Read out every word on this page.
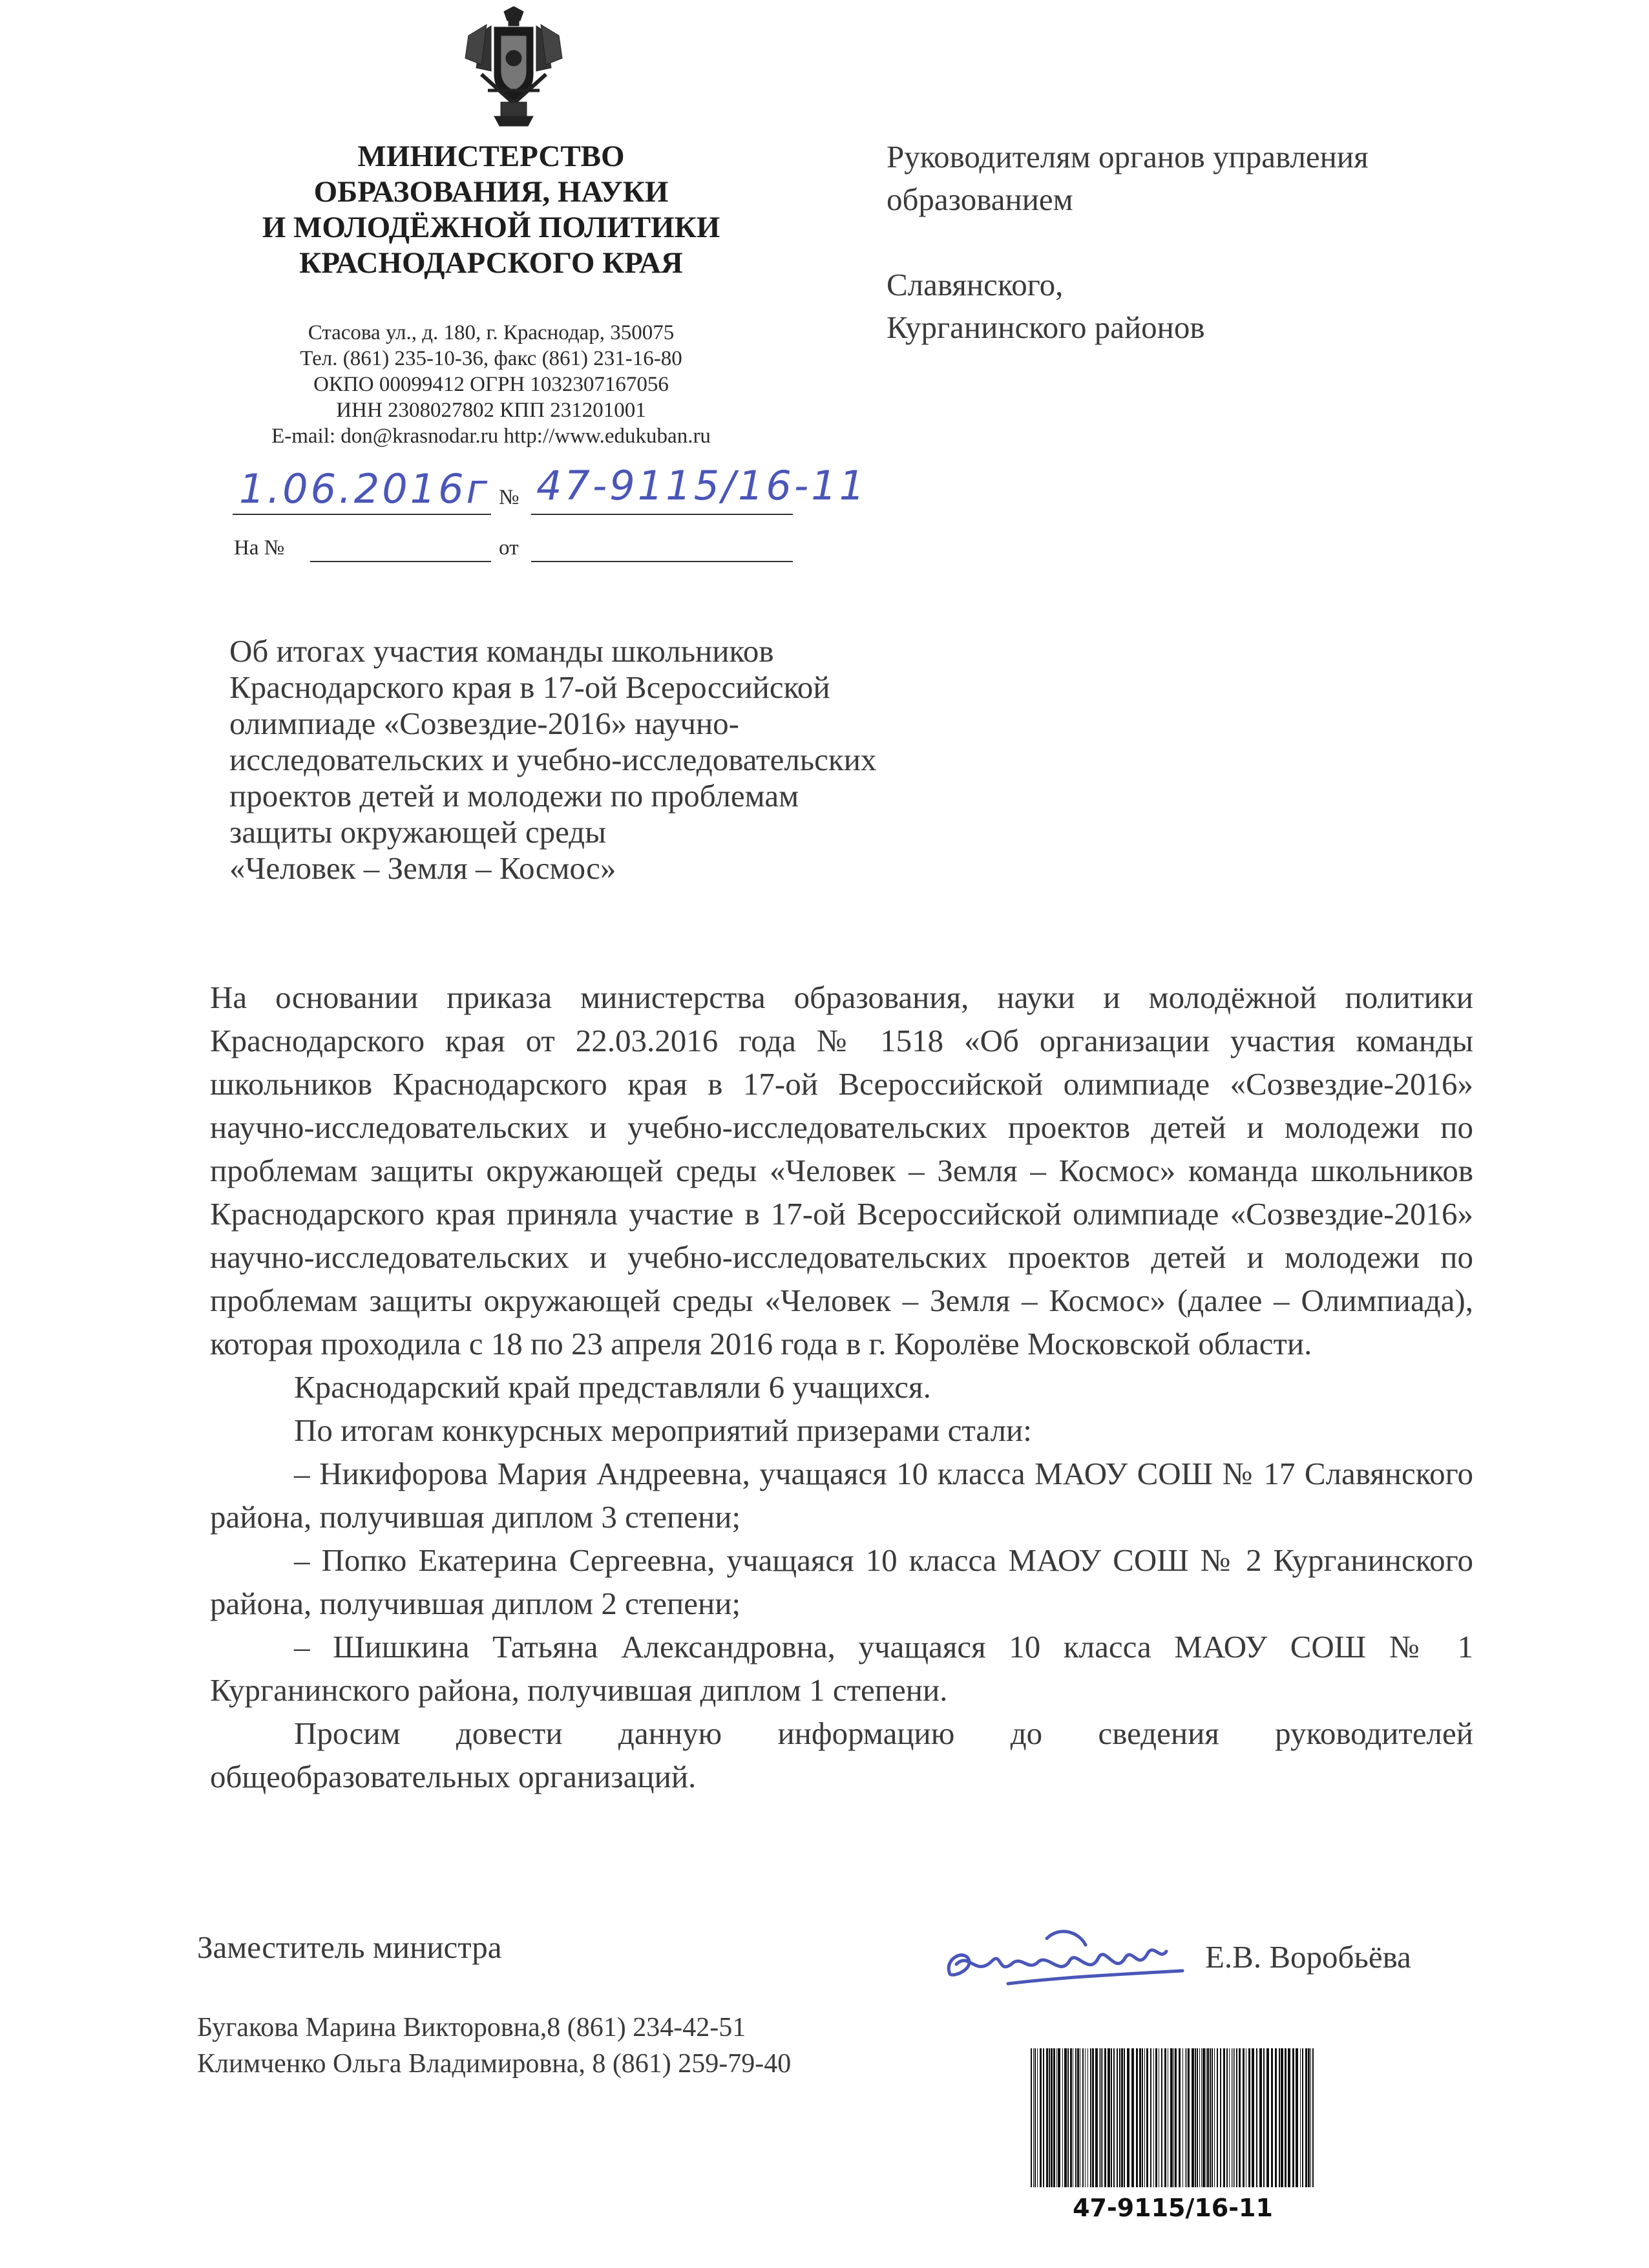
МИНИСТЕРСТВО
ОБРАЗОВАНИЯ, НАУКИ
И МОЛОДЁЖНОЙ ПОЛИТИКИ
КРАСНОДАРСКОГО КРАЯ
Стасова ул., д. 180, г. Краснодар, 350075
Тел. (861) 235-10-36, факс (861) 231-16-80
ОКПО 00099412 ОГРН 1032307167056
ИНН 2308027802 КПП 231201001
E-mail: don@krasnodar.ru http://www.edukuban.ru
1.06.2016г № 47-9115/16-11
На №	от

Руководителям органов управления

образованием

Славянского,

Курганинского районов

Об итогах участия команды школьников

Краснодарского края в 17-ой Всероссийской

олимпиаде «Созвездие-2016» научно-

исследовательских и учебно-исследовательских

проектов детей и молодежи по проблемам

защиты окружающей среды

«Человек – Земля – Космос»

На основании приказа министерства образования, науки и молодёжной политики Краснодарского края от 22.03.2016 года № 1518 «Об организации участия команды школьников Краснодарского края в 17-ой Всероссийской олимпиаде «Созвездие-2016» научно-исследовательских и учебно-исследовательских проектов детей и молодежи по проблемам защиты окружающей среды «Человек – Земля – Космос» команда школьников Краснодарского края приняла участие в 17-ой Всероссийской олимпиаде «Созвездие-2016» научно-исследовательских и учебно-исследовательских проектов детей и молодежи по проблемам защиты окружающей среды «Человек – Земля – Космос» (далее – Олимпиада), которая проходила с 18 по 23 апреля 2016 года в г. Королёве Московской области.

Краснодарский край представляли 6 учащихся.

По итогам конкурсных мероприятий призерами стали:

– Никифорова Мария Андреевна, учащаяся 10 класса МАОУ СОШ № 17 Славянского района, получившая диплом 3 степени;

– Попко Екатерина Сергеевна, учащаяся 10 класса МАОУ СОШ № 2 Курганинского района, получившая диплом 2 степени;

– Шишкина Татьяна Александровна, учащаяся 10 класса МАОУ СОШ № 1 Курганинского района, получившая диплом 1 степени.

Просим довести данную информацию до сведения руководителей общеобразовательных организаций.

Заместитель министра	Е.В. Воробьёва

Бугакова Марина Викторовна,8 (861) 234-42-51

Климченко Ольга Владимировна, 8 (861) 259-79-40

47-9115/16-11
